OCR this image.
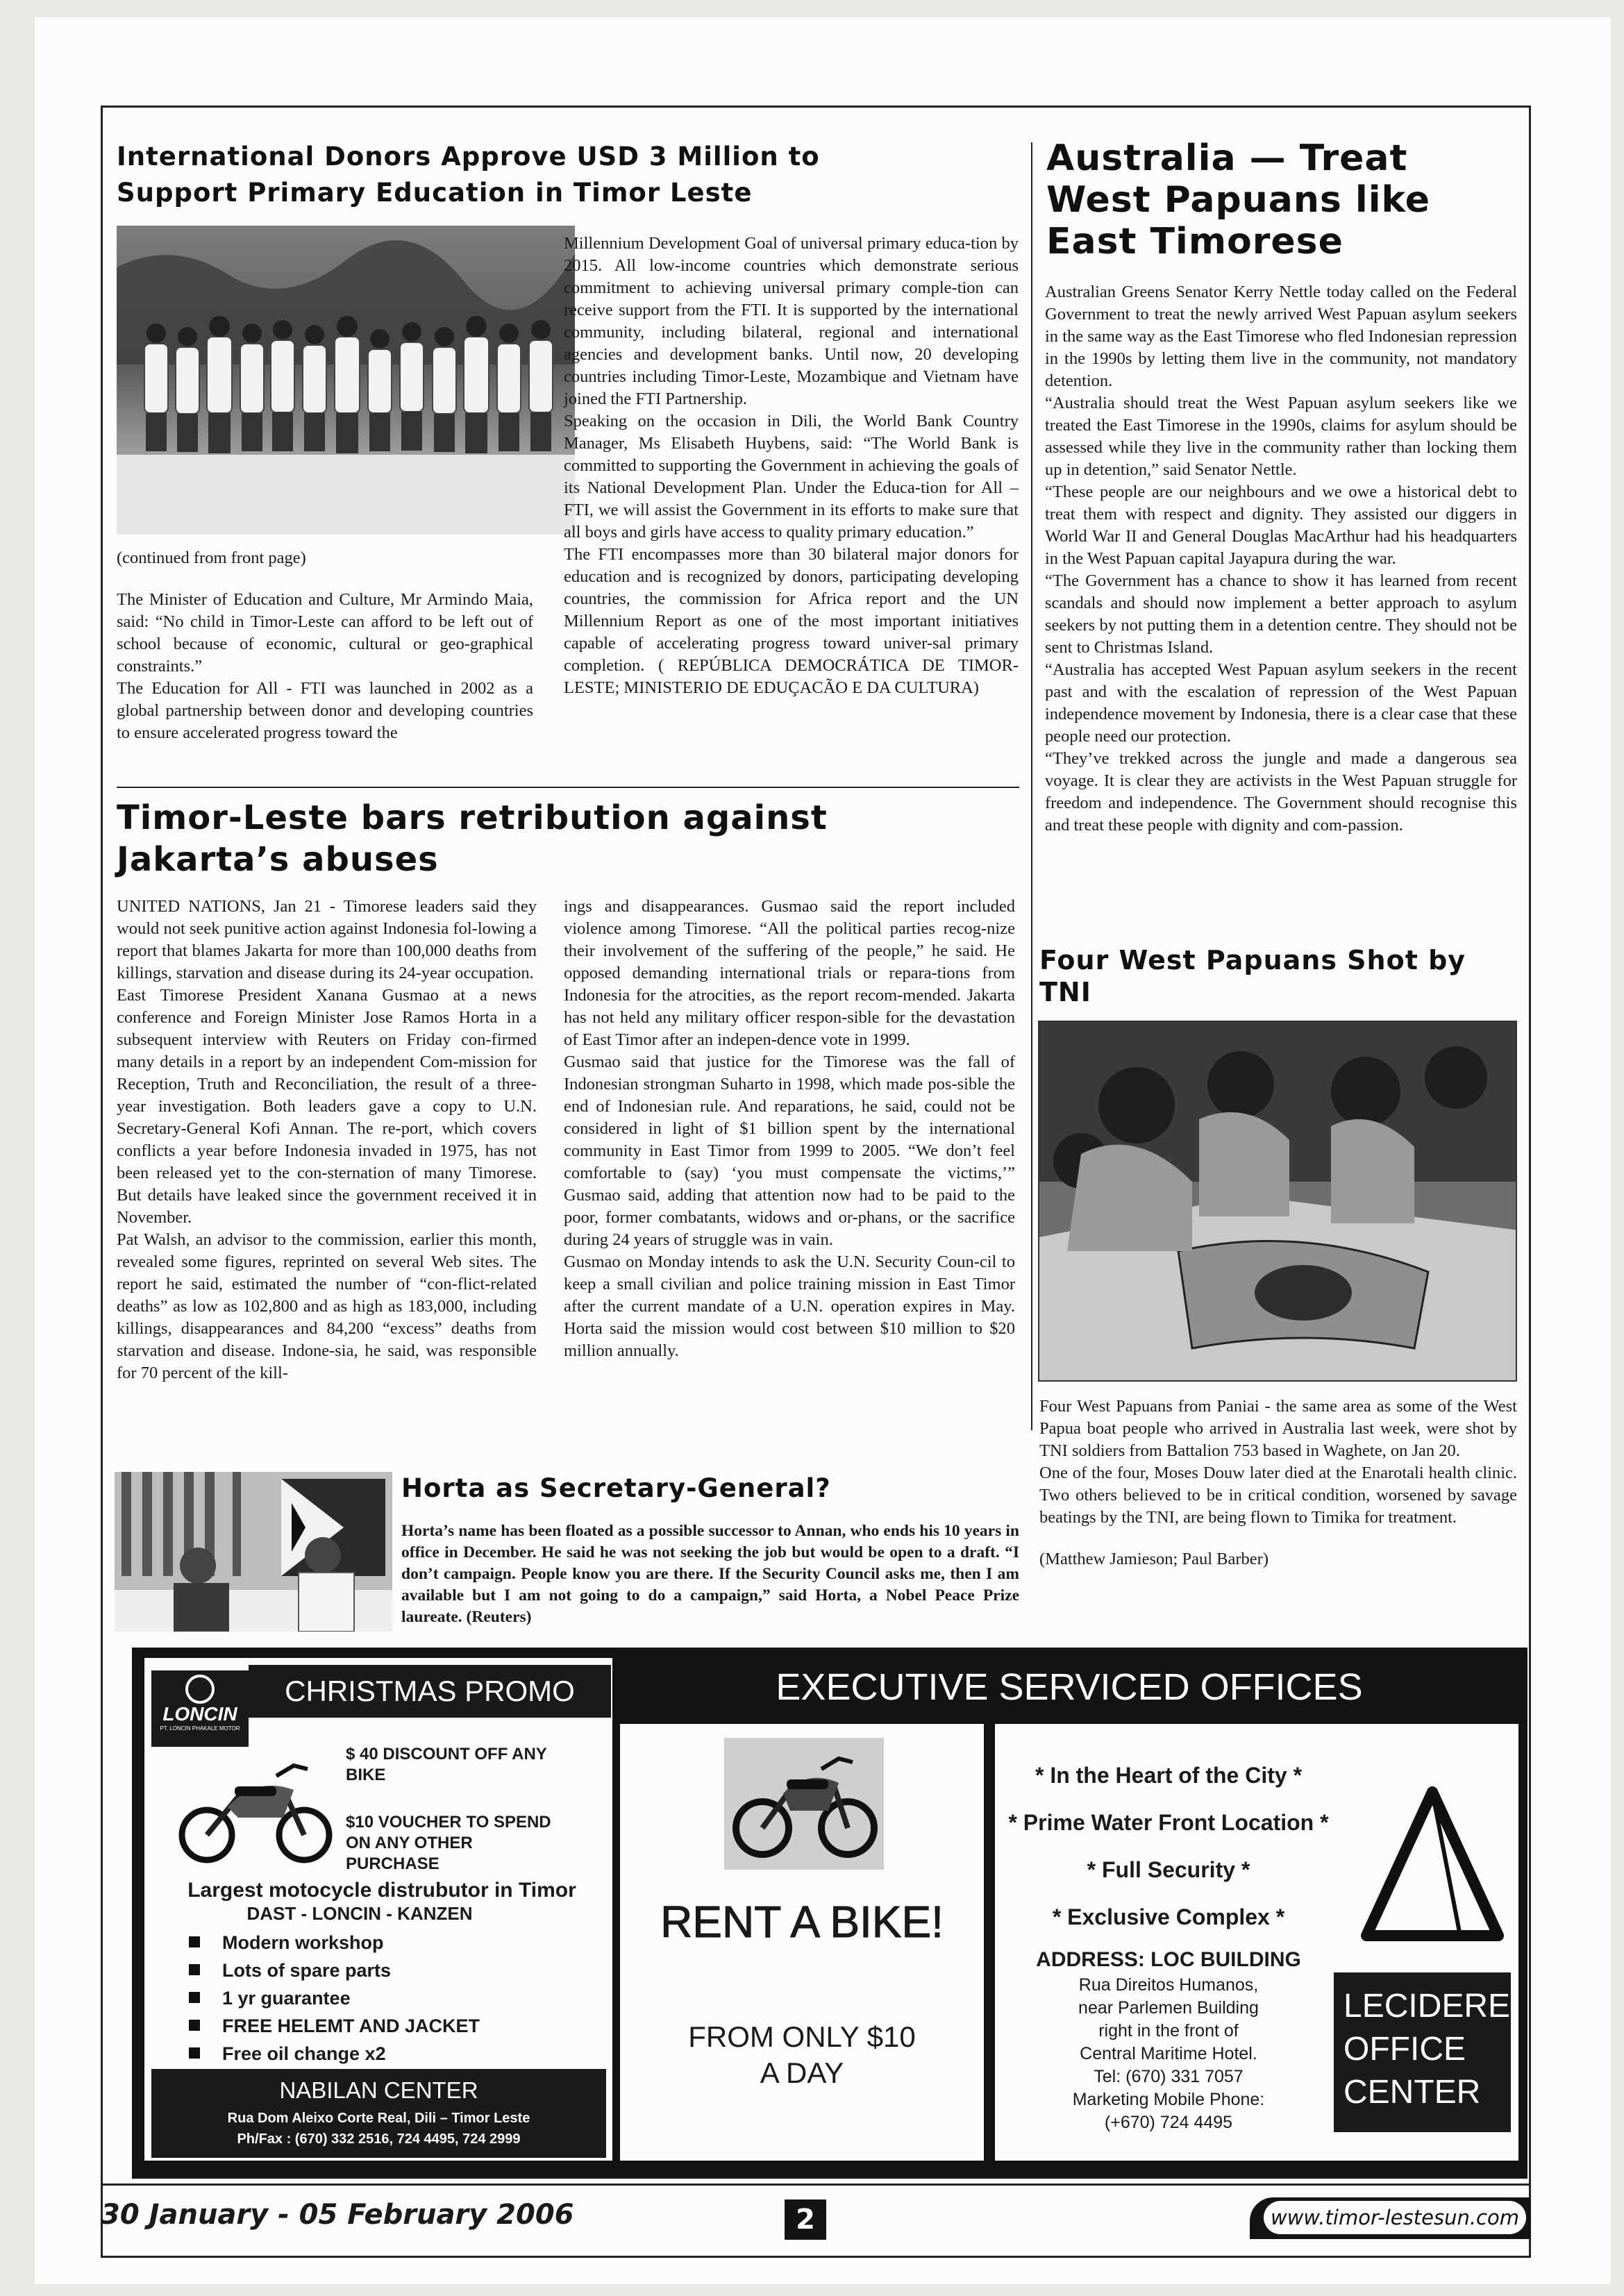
International Donors Approve USD 3 Million to Support Primary Education in Timor Leste

(continued from front page)

The Minister of Education and Culture, Mr Armindo Maia, said: “No child in Timor-Leste can afford to be left out of school because of economic, cultural or geo-graphical constraints.”

The Education for All - FTI was launched in 2002 as a global partnership between donor and developing countries to ensure accelerated progress toward the

Millennium Development Goal of universal primary educa-tion by 2015. All low-income countries which demonstrate serious commitment to achieving universal primary comple-tion can receive support from the FTI. It is supported by the international community, including bilateral, regional and international agencies and development banks. Until now, 20 developing countries including Timor-Leste, Mozambique and Vietnam have joined the FTI Partnership.

Speaking on the occasion in Dili, the World Bank Country Manager, Ms Elisabeth Huybens, said: “The World Bank is committed to supporting the Government in achieving the goals of its National Development Plan. Under the Educa-tion for All – FTI, we will assist the Government in its efforts to make sure that all boys and girls have access to quality primary education.”

The FTI encompasses more than 30 bilateral major donors for education and is recognized by donors, participating developing countries, the commission for Africa report and the UN Millennium Report as one of the most important initiatives capable of accelerating progress toward univer-sal primary completion. ( REPÚBLICA DEMOCRÁTICA DE TIMOR-LESTE; MINISTERIO DE EDUÇACÃO E DA CULTURA)

Australia — Treat West Papuans like East Timorese

Australian Greens Senator Kerry Nettle today called on the Federal Government to treat the newly arrived West Papuan asylum seekers in the same way as the East Timorese who fled Indonesian repression in the 1990s by letting them live in the community, not mandatory detention.

“Australia should treat the West Papuan asylum seekers like we treated the East Timorese in the 1990s, claims for asylum should be assessed while they live in the community rather than locking them up in detention,” said Senator Nettle.

“These people are our neighbours and we owe a historical debt to treat them with respect and dignity. They assisted our diggers in World War II and General Douglas MacArthur had his headquarters in the West Papuan capital Jayapura during the war.

“The Government has a chance to show it has learned from recent scandals and should now implement a better approach to asylum seekers by not putting them in a detention centre. They should not be sent to Christmas Island.

“Australia has accepted West Papuan asylum seekers in the recent past and with the escalation of repression of the West Papuan independence movement by Indonesia, there is a clear case that these people need our protection.

“They’ve trekked across the jungle and made a dangerous sea voyage. It is clear they are activists in the West Papuan struggle for freedom and independence. The Government should recognise this and treat these people with dignity and com-passion.

Timor-Leste bars retribution against Jakarta’s abuses

UNITED NATIONS, Jan 21 - Timorese leaders said they would not seek punitive action against Indonesia fol-lowing a report that blames Jakarta for more than 100,000 deaths from killings, starvation and disease during its 24-year occupation.

East Timorese President Xanana Gusmao at a news conference and Foreign Minister Jose Ramos Horta in a subsequent interview with Reuters on Friday con-firmed many details in a report by an independent Com-mission for Reception, Truth and Reconciliation, the result of a three-year investigation. Both leaders gave a copy to U.N. Secretary-General Kofi Annan. The re-port, which covers conflicts a year before Indonesia invaded in 1975, has not been released yet to the con-sternation of many Timorese. But details have leaked since the government received it in November.

Pat Walsh, an advisor to the commission, earlier this month, revealed some figures, reprinted on several Web sites. The report he said, estimated the number of “con-flict-related deaths” as low as 102,800 and as high as 183,000, including killings, disappearances and 84,200 “excess” deaths from starvation and disease. Indone-sia, he said, was responsible for 70 percent of the kill-

ings and disappearances. Gusmao said the report included violence among Timorese. “All the political parties recog-nize their involvement of the suffering of the people,” he said. He opposed demanding international trials or repara-tions from Indonesia for the atrocities, as the report recom-mended. Jakarta has not held any military officer respon-sible for the devastation of East Timor after an indepen-dence vote in 1999.

Gusmao said that justice for the Timorese was the fall of Indonesian strongman Suharto in 1998, which made pos-sible the end of Indonesian rule. And reparations, he said, could not be considered in light of $1 billion spent by the international community in East Timor from 1999 to 2005. “We don’t feel comfortable to (say) ‘you must compensate the victims,’” Gusmao said, adding that attention now had to be paid to the poor, former combatants, widows and or-phans, or the sacrifice during 24 years of struggle was in vain.

Gusmao on Monday intends to ask the U.N. Security Coun-cil to keep a small civilian and police training mission in East Timor after the current mandate of a U.N. operation expires in May. Horta said the mission would cost between $10 million to $20 million annually.

Four West Papuans Shot by TNI

Four West Papuans from Paniai - the same area as some of the West Papua boat people who arrived in Australia last week, were shot by TNI soldiers from Battalion 753 based in Waghete, on Jan 20.

One of the four, Moses Douw later died at the Enarotali health clinic. Two others believed to be in critical condition, worsened by savage beatings by the TNI, are being flown to Timika for treatment.

(Matthew Jamieson; Paul Barber)

Horta as Secretary-General?

Horta’s name has been floated as a possible successor to Annan, who ends his 10 years in office in December. He said he was not seeking the job but would be open to a draft. “I don’t campaign. People know you are there. If the Security Council asks me, then I am available but I am not going to do a campaign,” said Horta, a Nobel Peace Prize laureate. (Reuters)

LONCIN
PT. LONCIN PHAKALE MOTOR
CHRISTMAS PROMO
$ 40 DISCOUNT OFF ANY BIKE
$10 VOUCHER TO SPEND ON ANY OTHER PURCHASE
Largest motocycle distrubutor in Timor
DAST - LONCIN - KANZEN
Modern workshop
Lots of spare parts
1 yr guarantee
FREE HELEMT AND JACKET
Free oil change x2
NABILAN CENTER
Rua Dom Aleixo Corte Real, Dili – Timor Leste
Ph/Fax : (670) 332 2516, 724 4495, 724 2999
RENT A BIKE!
FROM ONLY $10
A DAY
EXECUTIVE SERVICED OFFICES
* In the Heart of the City *
* Prime Water Front Location *
* Full Security *
* Exclusive Complex *
ADDRESS: LOC BUILDING
Rua Direitos Humanos,
near Parlemen Building
right in the front of
Central Maritime Hotel.
Tel: (670) 331 7057
Marketing Mobile Phone:
(+670) 724 4495
LECIDERE
OFFICE
CENTER
30 January - 05 February 2006	2	www.timor-lestesun.com
